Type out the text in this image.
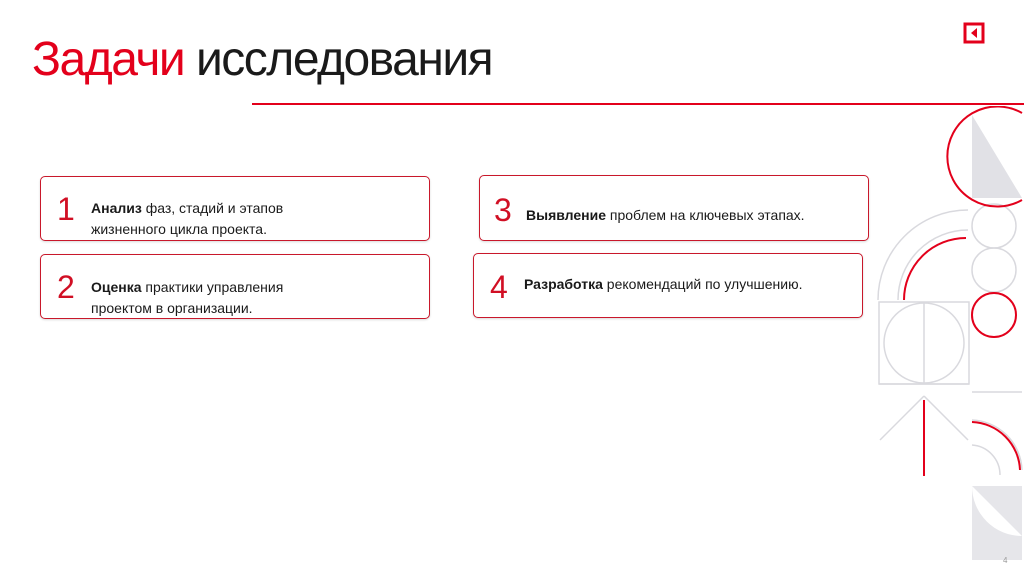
Задачи исследования
1 Анализ фаз, стадий и этапов
жизненного цикла проекта.
2 Оценка практики управления
проектом в организации.
3 Выявление проблем на ключевых этапах.
4 Разработка рекомендаций по улучшению.
4
